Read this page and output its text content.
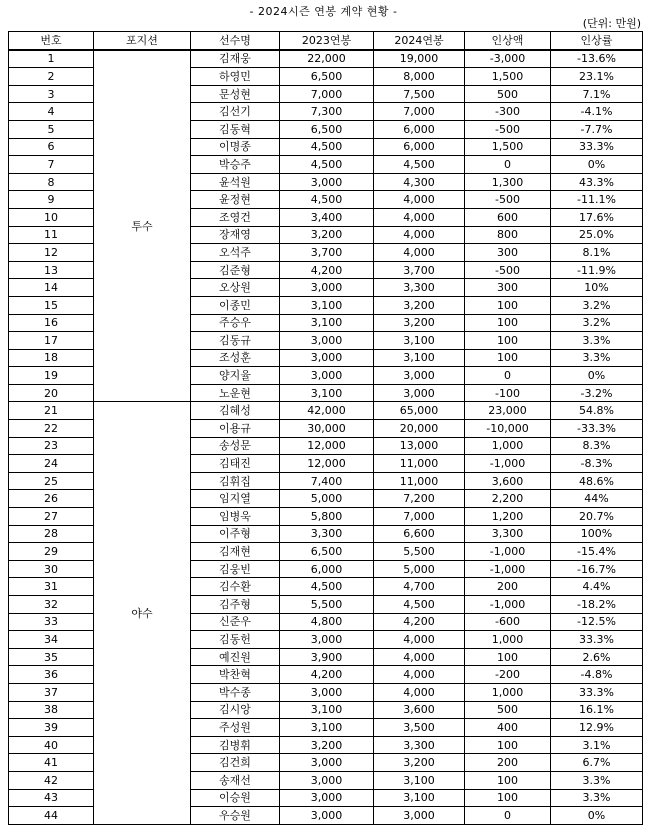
- 2024시즌 연봉 계약 현황 -
(단위: 만원)
번호	포지션	선수명	2023연봉	2024연봉	인상액	인상률
1	투수	김재웅	22,000	19,000	-3,000	-13.6%
2		하영민	6,500	8,000	1,500	23.1%
3		문성현	7,000	7,500	500	7.1%
4		김선기	7,300	7,000	-300	-4.1%
5		김동혁	6,500	6,000	-500	-7.7%
6		이명종	4,500	6,000	1,500	33.3%
7		박승주	4,500	4,500	0	0%
8		윤석원	3,000	4,300	1,300	43.3%
9		윤정현	4,500	4,000	-500	-11.1%
10		조영건	3,400	4,000	600	17.6%
11		장재영	3,200	4,000	800	25.0%
12		오석주	3,700	4,000	300	8.1%
13		김준형	4,200	3,700	-500	-11.9%
14		오상원	3,000	3,300	300	10%
15		이종민	3,100	3,200	100	3.2%
16		주승우	3,100	3,200	100	3.2%
17		김동규	3,000	3,100	100	3.3%
18		조성훈	3,000	3,100	100	3.3%
19		양지율	3,000	3,000	0	0%
20		노운현	3,100	3,000	-100	-3.2%
21	야수	김혜성	42,000	65,000	23,000	54.8%
22		이용규	30,000	20,000	-10,000	-33.3%
23		송성문	12,000	13,000	1,000	8.3%
24		김태진	12,000	11,000	-1,000	-8.3%
25		김휘집	7,400	11,000	3,600	48.6%
26		임지열	5,000	7,200	2,200	44%
27		임병욱	5,800	7,000	1,200	20.7%
28		이주형	3,300	6,600	3,300	100%
29		김재현	6,500	5,500	-1,000	-15.4%
30		김웅빈	6,000	5,000	-1,000	-16.7%
31		김수환	4,500	4,700	200	4.4%
32		김주형	5,500	4,500	-1,000	-18.2%
33		신준우	4,800	4,200	-600	-12.5%
34		김동헌	3,000	4,000	1,000	33.3%
35		예진원	3,900	4,000	100	2.6%
36		박찬혁	4,200	4,000	-200	-4.8%
37		박수종	3,000	4,000	1,000	33.3%
38		김시앙	3,100	3,600	500	16.1%
39		주성원	3,100	3,500	400	12.9%
40		김병휘	3,200	3,300	100	3.1%
41		김건희	3,000	3,200	200	6.7%
42		송재선	3,000	3,100	100	3.3%
43		이승원	3,000	3,100	100	3.3%
44		우승원	3,000	3,000	0	0%
